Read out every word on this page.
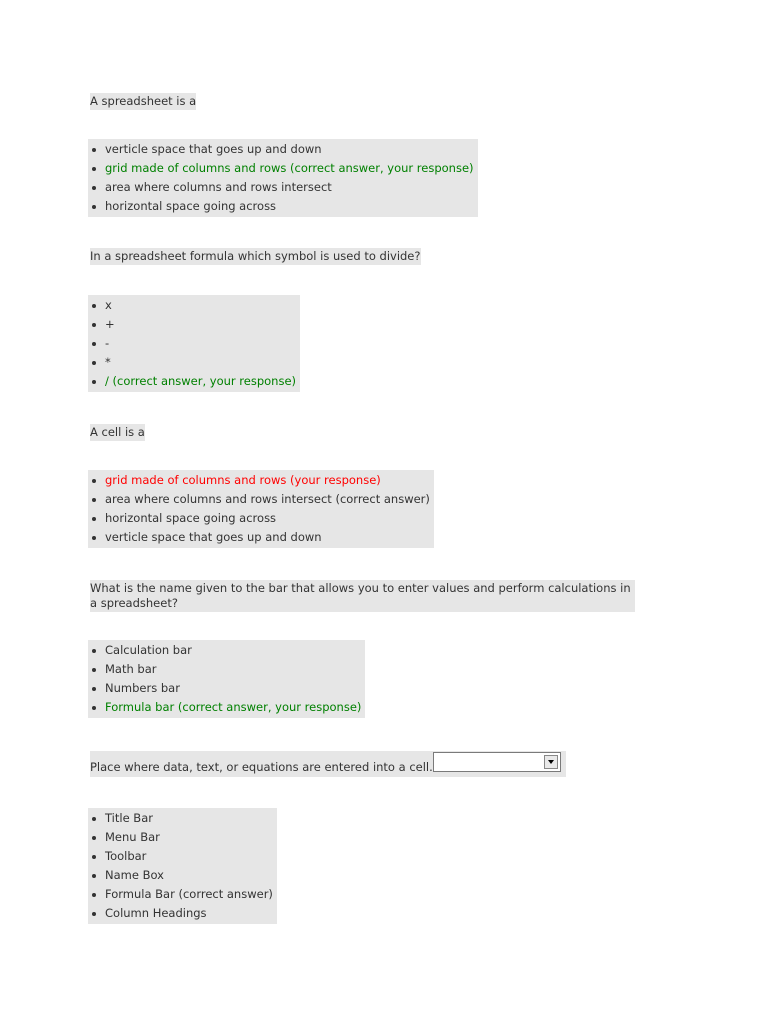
A spreadsheet is a
verticle space that goes up and down
grid made of columns and rows (correct answer, your response)
area where columns and rows intersect
horizontal space going across
In a spreadsheet formula which symbol is used to divide?
x
+
-
*
/ (correct answer, your response)
A cell is a
grid made of columns and rows (your response)
area where columns and rows intersect (correct answer)
horizontal space going across
verticle space that goes up and down
What is the name given to the bar that allows you to enter values and perform calculations in a spreadsheet?
Calculation bar
Math bar
Numbers bar
Formula bar (correct answer, your response)
Place where data, text, or equations are entered into a cell.
Title Bar
Menu Bar
Toolbar
Name Box
Formula Bar (correct answer)
Column Headings
